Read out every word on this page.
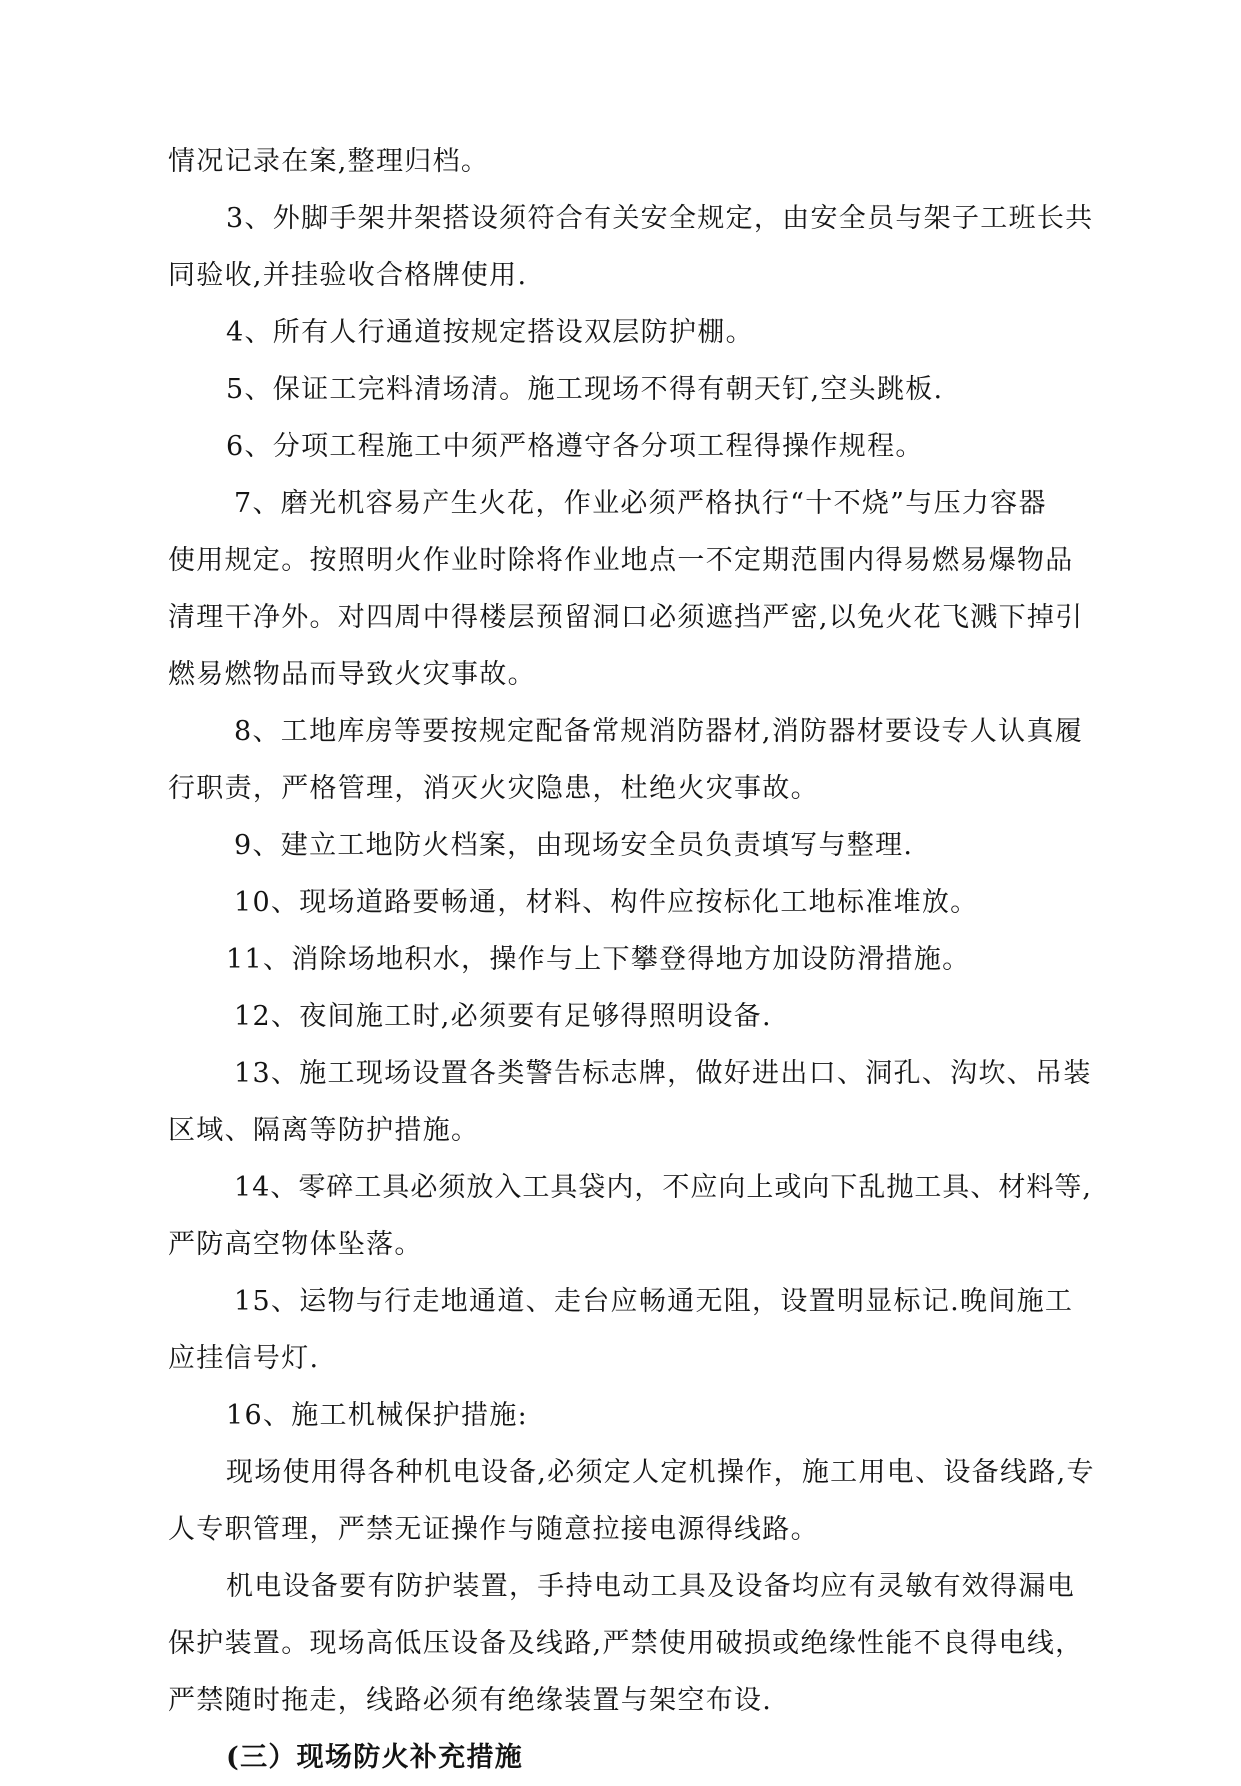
情况记录在案,整理归档。

3、外脚手架井架搭设须符合有关安全规定，由安全员与架子工班长共

同验收,并挂验收合格牌使用.

4、所有人行通道按规定搭设双层防护棚。

5、保证工完料清场清。施工现场不得有朝天钉,空头跳板.

6、分项工程施工中须严格遵守各分项工程得操作规程。

7、磨光机容易产生火花，作业必须严格执行“十不烧”与压力容器

使用规定。按照明火作业时除将作业地点一不定期范围内得易燃易爆物品

清理干净外。对四周中得楼层预留洞口必须遮挡严密,以免火花飞溅下掉引

燃易燃物品而导致火灾事故。

8、工地库房等要按规定配备常规消防器材,消防器材要设专人认真履

行职责，严格管理，消灭火灾隐患，杜绝火灾事故。

9、建立工地防火档案，由现场安全员负责填写与整理.

10、现场道路要畅通，材料、构件应按标化工地标准堆放。

11、消除场地积水，操作与上下攀登得地方加设防滑措施。

12、夜间施工时,必须要有足够得照明设备.

13、施工现场设置各类警告标志牌，做好进出口、洞孔、沟坎、吊装

区域、隔离等防护措施。

14、零碎工具必须放入工具袋内，不应向上或向下乱抛工具、材料等,

严防高空物体坠落。

15、运物与行走地通道、走台应畅通无阻，设置明显标记.晚间施工

应挂信号灯.

16、施工机械保护措施:

现场使用得各种机电设备,必须定人定机操作，施工用电、设备线路,专

人专职管理，严禁无证操作与随意拉接电源得线路。

机电设备要有防护装置，手持电动工具及设备均应有灵敏有效得漏电

保护装置。现场高低压设备及线路,严禁使用破损或绝缘性能不良得电线，

严禁随时拖走，线路必须有绝缘装置与架空布设.

(三）现场防火补充措施
